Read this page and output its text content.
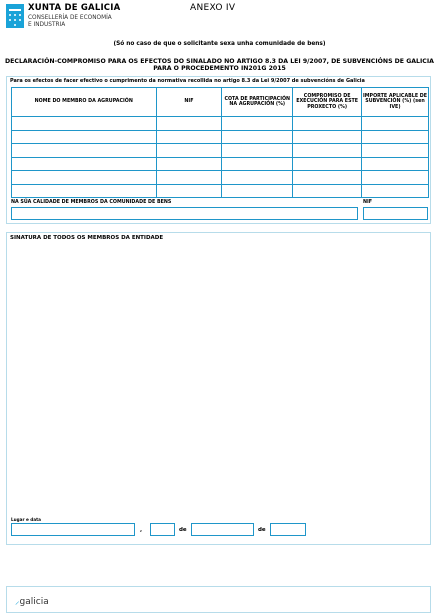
XUNTA DE GALICIA
CONSELLERÍA DE ECONOMÍA
E INDUSTRIA
ANEXO IV
(Só no caso de que o solicitante sexa unha comunidade de bens)
DECLARACIÓN-COMPROMISO PARA OS EFECTOS DO SINALADO NO ARTIGO 8.3 DA LEI 9/2007, DE SUBVENCIÓNS DE GALICIA
PARA O PROCEDEMENTO IN201G 2015
Para os efectos de facer efectivo o cumprimento da normativa recollida no artigo 8.3 da Lei 9/2007 de subvencións de Galicia
NOME DO MEMBRO DA AGRUPACIÓN	NIF	COTA DE PARTICIPACIÓN NA AGRUPACIÓN (%)	COMPROMISO DE EXECUCIÓN PARA ESTE PROXECTO (%)	IMPORTE APLICABLE DE SUBVENCIÓN (%) (sen IVE)

NA SÚA CALIDADE DE MEMBROS DA COMUNIDADE DE BENS	NIF
SINATURA DE TODOS OS MEMBROS DA ENTIDADE
Lugar e data
,	de	de
⸝galicia
